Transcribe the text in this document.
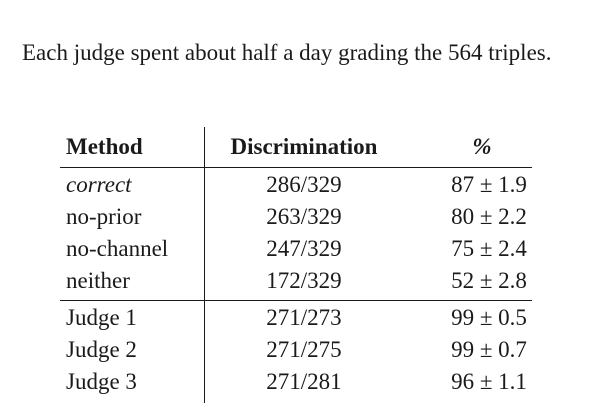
Each judge spent about half a day grading the 564 triples.
Method	Discrimination	%
correct	286/329	87 ± 1.9
no-prior	263/329	80 ± 2.2
no-channel	247/329	75 ± 2.4
neither	172/329	52 ± 2.8
Judge 1	271/273	99 ± 0.5
Judge 2	271/275	99 ± 0.7
Judge 3	271/281	96 ± 1.1
